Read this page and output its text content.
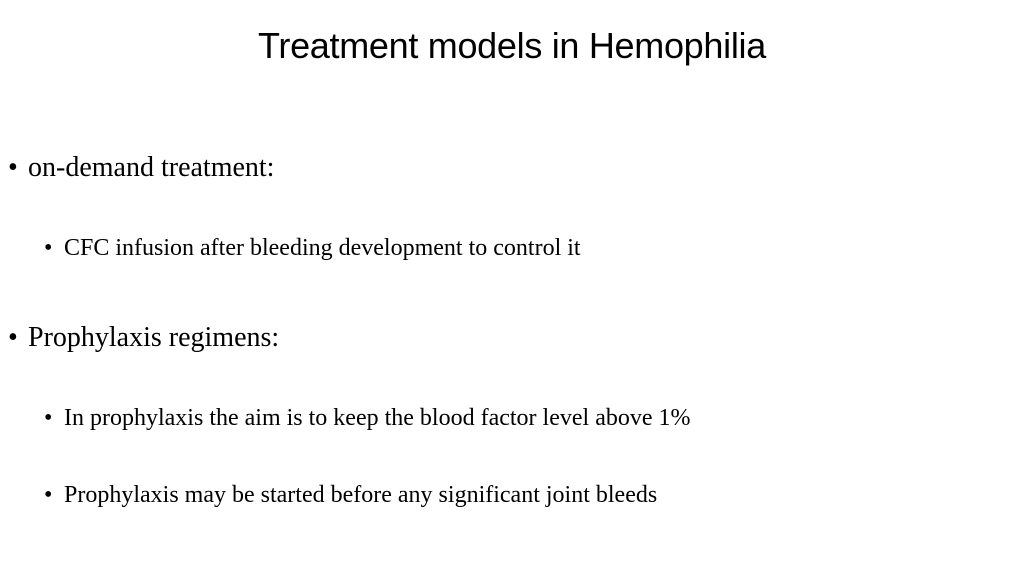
Treatment models in Hemophilia
• on-demand treatment:
• CFC infusion after bleeding development to control it
• Prophylaxis regimens:
• In prophylaxis the aim is to keep the blood factor level above 1%
• Prophylaxis may be started before any significant joint bleeds
